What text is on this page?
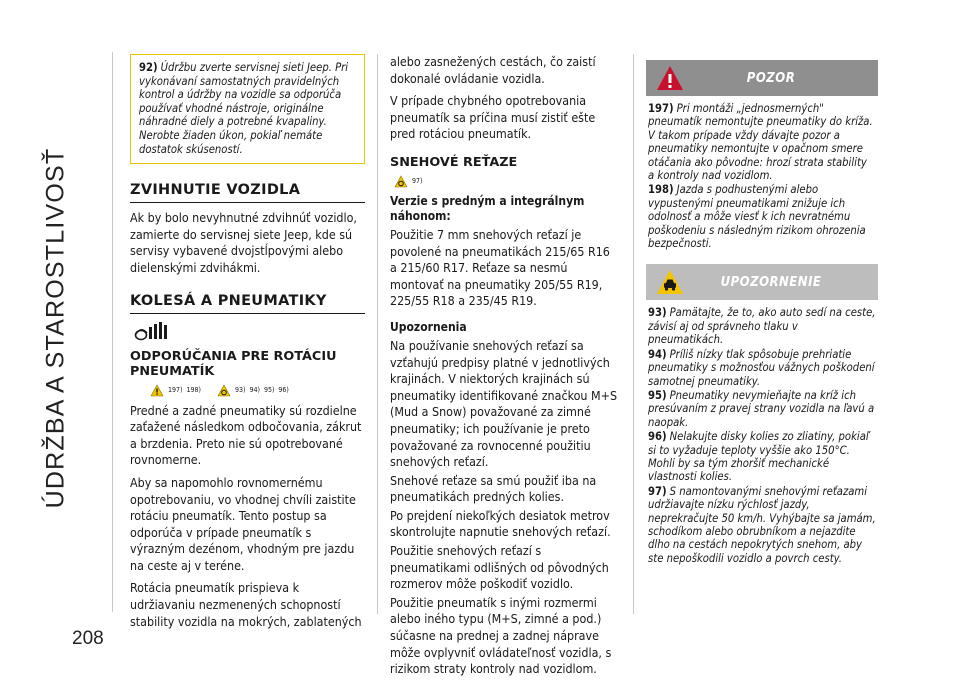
ÚDRŽBA A STAROSTLIVOSŤ
208
92) Údržbu zverte servisnej sieti Jeep. Pri vykonávaní samostatných pravidelných kontrol a údržby na vozidle sa odporúča používať vhodné nástroje, originálne náhradné diely a potrebné kvapaliny. Nerobte žiaden úkon, pokiaľ nemáte dostatok skúseností.
ZVIHNUTIE VOZIDLA

Ak by bolo nevyhnutné zdvihnúť vozidlo, zamierte do servisnej siete Jeep, kde sú servisy vybavené dvojstĺpovými alebo dielenskými zdvihákmi.

KOLESÁ A PNEUMATIKY
ODPORÚČANIA PRE ROTÁCIU PNEUMATÍK
197) 198)	93) 94) 95) 96)

Predné a zadné pneumatiky sú rozdielne zaťažené následkom odbočovania, zákrut a brzdenia. Preto nie sú opotrebované rovnomerne.

Aby sa napomohlo rovnomernému opotrebovaniu, vo vhodnej chvíli zaistite rotáciu pneumatík. Tento postup sa odporúča v prípade pneumatík s výrazným dezénom, vhodným pre jazdu na ceste aj v teréne.

Rotácia pneumatík prispieva k udržiavaniu nezmenených schopností stability vozidla na mokrých, zablatených

alebo zasnežených cestách, čo zaistí dokonalé ovládanie vozidla.

V prípade chybného opotrebovania pneumatík sa príčina musí zistiť ešte pred rotáciou pneumatík.

SNEHOVÉ REŤAZE
97)
Verzie s predným a integrálnym náhonom:

Použitie 7 mm snehových reťazí je povolené na pneumatikách 215/65 R16 a 215/60 R17. Reťaze sa nesmú montovať na pneumatiky 205/55 R19, 225/55 R18 a 235/45 R19.

Upozornenia

Na používanie snehových reťazí sa vzťahujú predpisy platné v jednotlivých krajinách. V niektorých krajinách sú pneumatiky identifikované značkou M+S (Mud a Snow) považované za zimné pneumatiky; ich používanie je preto považované za rovnocenné použitiu snehových reťazí.

Snehové reťaze sa smú použiť iba na pneumatikách predných kolies.

Po prejdení niekoľkých desiatok metrov skontrolujte napnutie snehových reťazí.

Použitie snehových reťazí s pneumatikami odlišných od pôvodných rozmerov môže poškodiť vozidlo.

Použitie pneumatík s inými rozmermi alebo iného typu (M+S, zimné a pod.) súčasne na prednej a zadnej náprave môže ovplyvniť ovládateľnosť vozidla, s rizikom straty kontroly nad vozidlom.

POZOR
197) Pri montáži „jednosmerných" pneumatík nemontujte pneumatiky do kríža. V takom prípade vždy dávajte pozor a pneumatiky nemontujte v opačnom smere otáčania ako pôvodne: hrozí strata stability a kontroly nad vozidlom.
198) Jazda s podhustenými alebo vypustenými pneumatikami znižuje ich odolnosť a môže viesť k ich nevratnému poškodeniu s následným rizikom ohrozenia bezpečnosti.
UPOZORNENIE
93) Pamätajte, že to, ako auto sedí na ceste, závisí aj od správneho tlaku v pneumatikách.
94) Príliš nízky tlak spôsobuje prehriatie pneumatiky s možnosťou vážnych poškodení samotnej pneumatiky.
95) Pneumatiky nevymieňajte na kríž ich presúvaním z pravej strany vozidla na ľavú a naopak.
96) Nelakujte disky kolies zo zliatiny, pokiaľ si to vyžaduje teploty vyššie ako 150°C. Mohli by sa tým zhoršiť mechanické vlastnosti kolies.
97) S namontovanými snehovými reťazami udržiavajte nízku rýchlosť jazdy, neprekračujte 50 km/h. Vyhýbajte sa jamám, schodíkom alebo obrubníkom a nejazdite dlho na cestách nepokrytých snehom, aby ste nepoškodili vozidlo a povrch cesty.
